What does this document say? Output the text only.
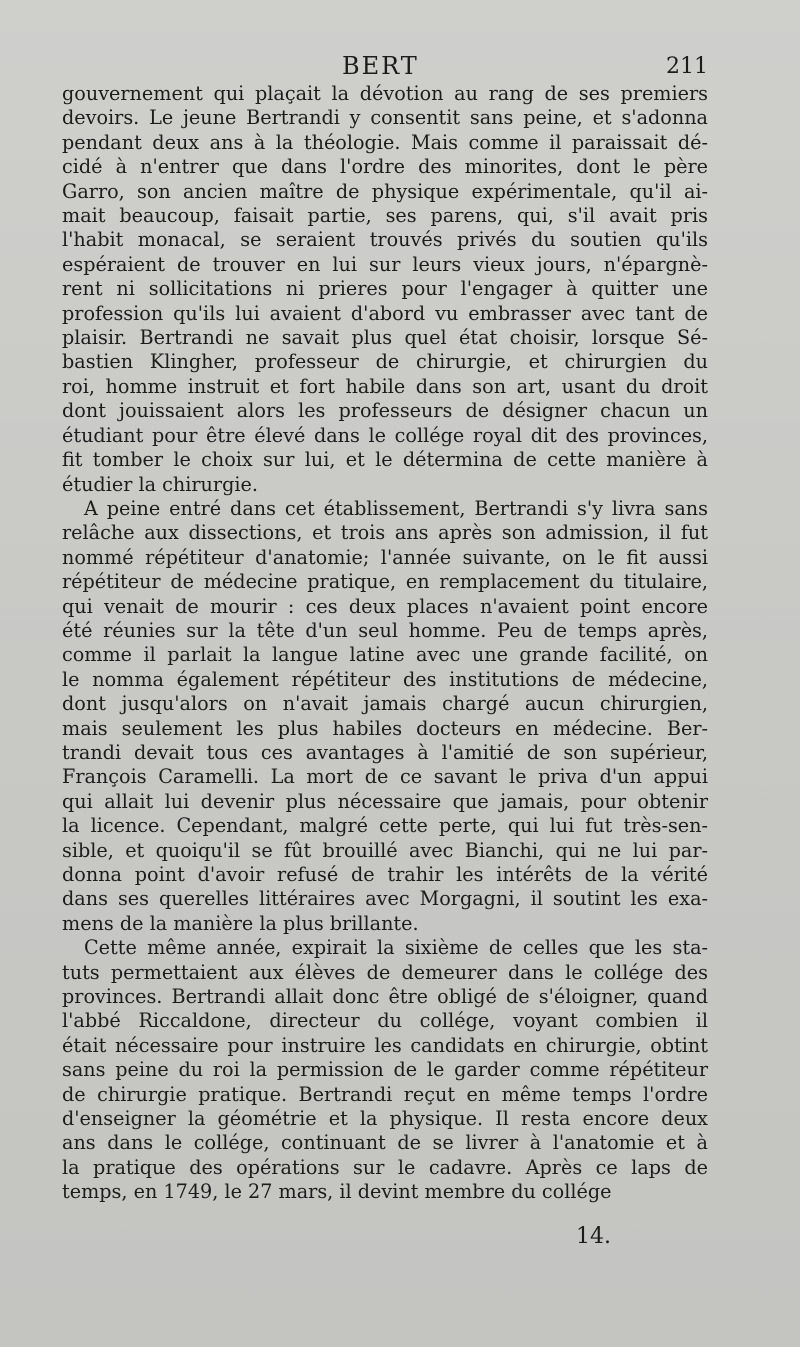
BERT	211
gouvernement qui plaçait la dévotion au rang de ses premiers
devoirs. Le jeune Bertrandi y consentit sans peine, et s'adonna
pendant deux ans à la théologie. Mais comme il paraissait dé-
cidé à n'entrer que dans l'ordre des minorites, dont le père
Garro, son ancien maître de physique expérimentale, qu'il ai-
mait beaucoup, faisait partie, ses parens, qui, s'il avait pris
l'habit monacal, se seraient trouvés privés du soutien qu'ils
espéraient de trouver en lui sur leurs vieux jours, n'épargnè-
rent ni sollicitations ni prieres pour l'engager à quitter une
profession qu'ils lui avaient d'abord vu embrasser avec tant de
plaisir. Bertrandi ne savait plus quel état choisir, lorsque Sé-
bastien Klingher, professeur de chirurgie, et chirurgien du
roi, homme instruit et fort habile dans son art, usant du droit
dont jouissaient alors les professeurs de désigner chacun un
étudiant pour être élevé dans le collége royal dit des provinces,
fit tomber le choix sur lui, et le détermina de cette manière à
étudier la chirurgie.
A peine entré dans cet établissement, Bertrandi s'y livra sans
relâche aux dissections, et trois ans après son admission, il fut
nommé répétiteur d'anatomie; l'année suivante, on le fit aussi
répétiteur de médecine pratique, en remplacement du titulaire,
qui venait de mourir : ces deux places n'avaient point encore
été réunies sur la tête d'un seul homme. Peu de temps après,
comme il parlait la langue latine avec une grande facilité, on
le nomma également répétiteur des institutions de médecine,
dont jusqu'alors on n'avait jamais chargé aucun chirurgien,
mais seulement les plus habiles docteurs en médecine. Ber-
trandi devait tous ces avantages à l'amitié de son supérieur,
François Caramelli. La mort de ce savant le priva d'un appui
qui allait lui devenir plus nécessaire que jamais, pour obtenir
la licence. Cependant, malgré cette perte, qui lui fut très-sen-
sible, et quoiqu'il se fût brouillé avec Bianchi, qui ne lui par-
donna point d'avoir refusé de trahir les intérêts de la vérité
dans ses querelles littéraires avec Morgagni, il soutint les exa-
mens de la manière la plus brillante.
Cette même année, expirait la sixième de celles que les sta-
tuts permettaient aux élèves de demeurer dans le collége des
provinces. Bertrandi allait donc être obligé de s'éloigner, quand
l'abbé Riccaldone, directeur du collége, voyant combien il
était nécessaire pour instruire les candidats en chirurgie, obtint
sans peine du roi la permission de le garder comme répétiteur
de chirurgie pratique. Bertrandi reçut en même temps l'ordre
d'enseigner la géométrie et la physique. Il resta encore deux
ans dans le collége, continuant de se livrer à l'anatomie et à
la pratique des opérations sur le cadavre. Après ce laps de
temps, en 1749, le 27 mars, il devint membre du collége
14.
